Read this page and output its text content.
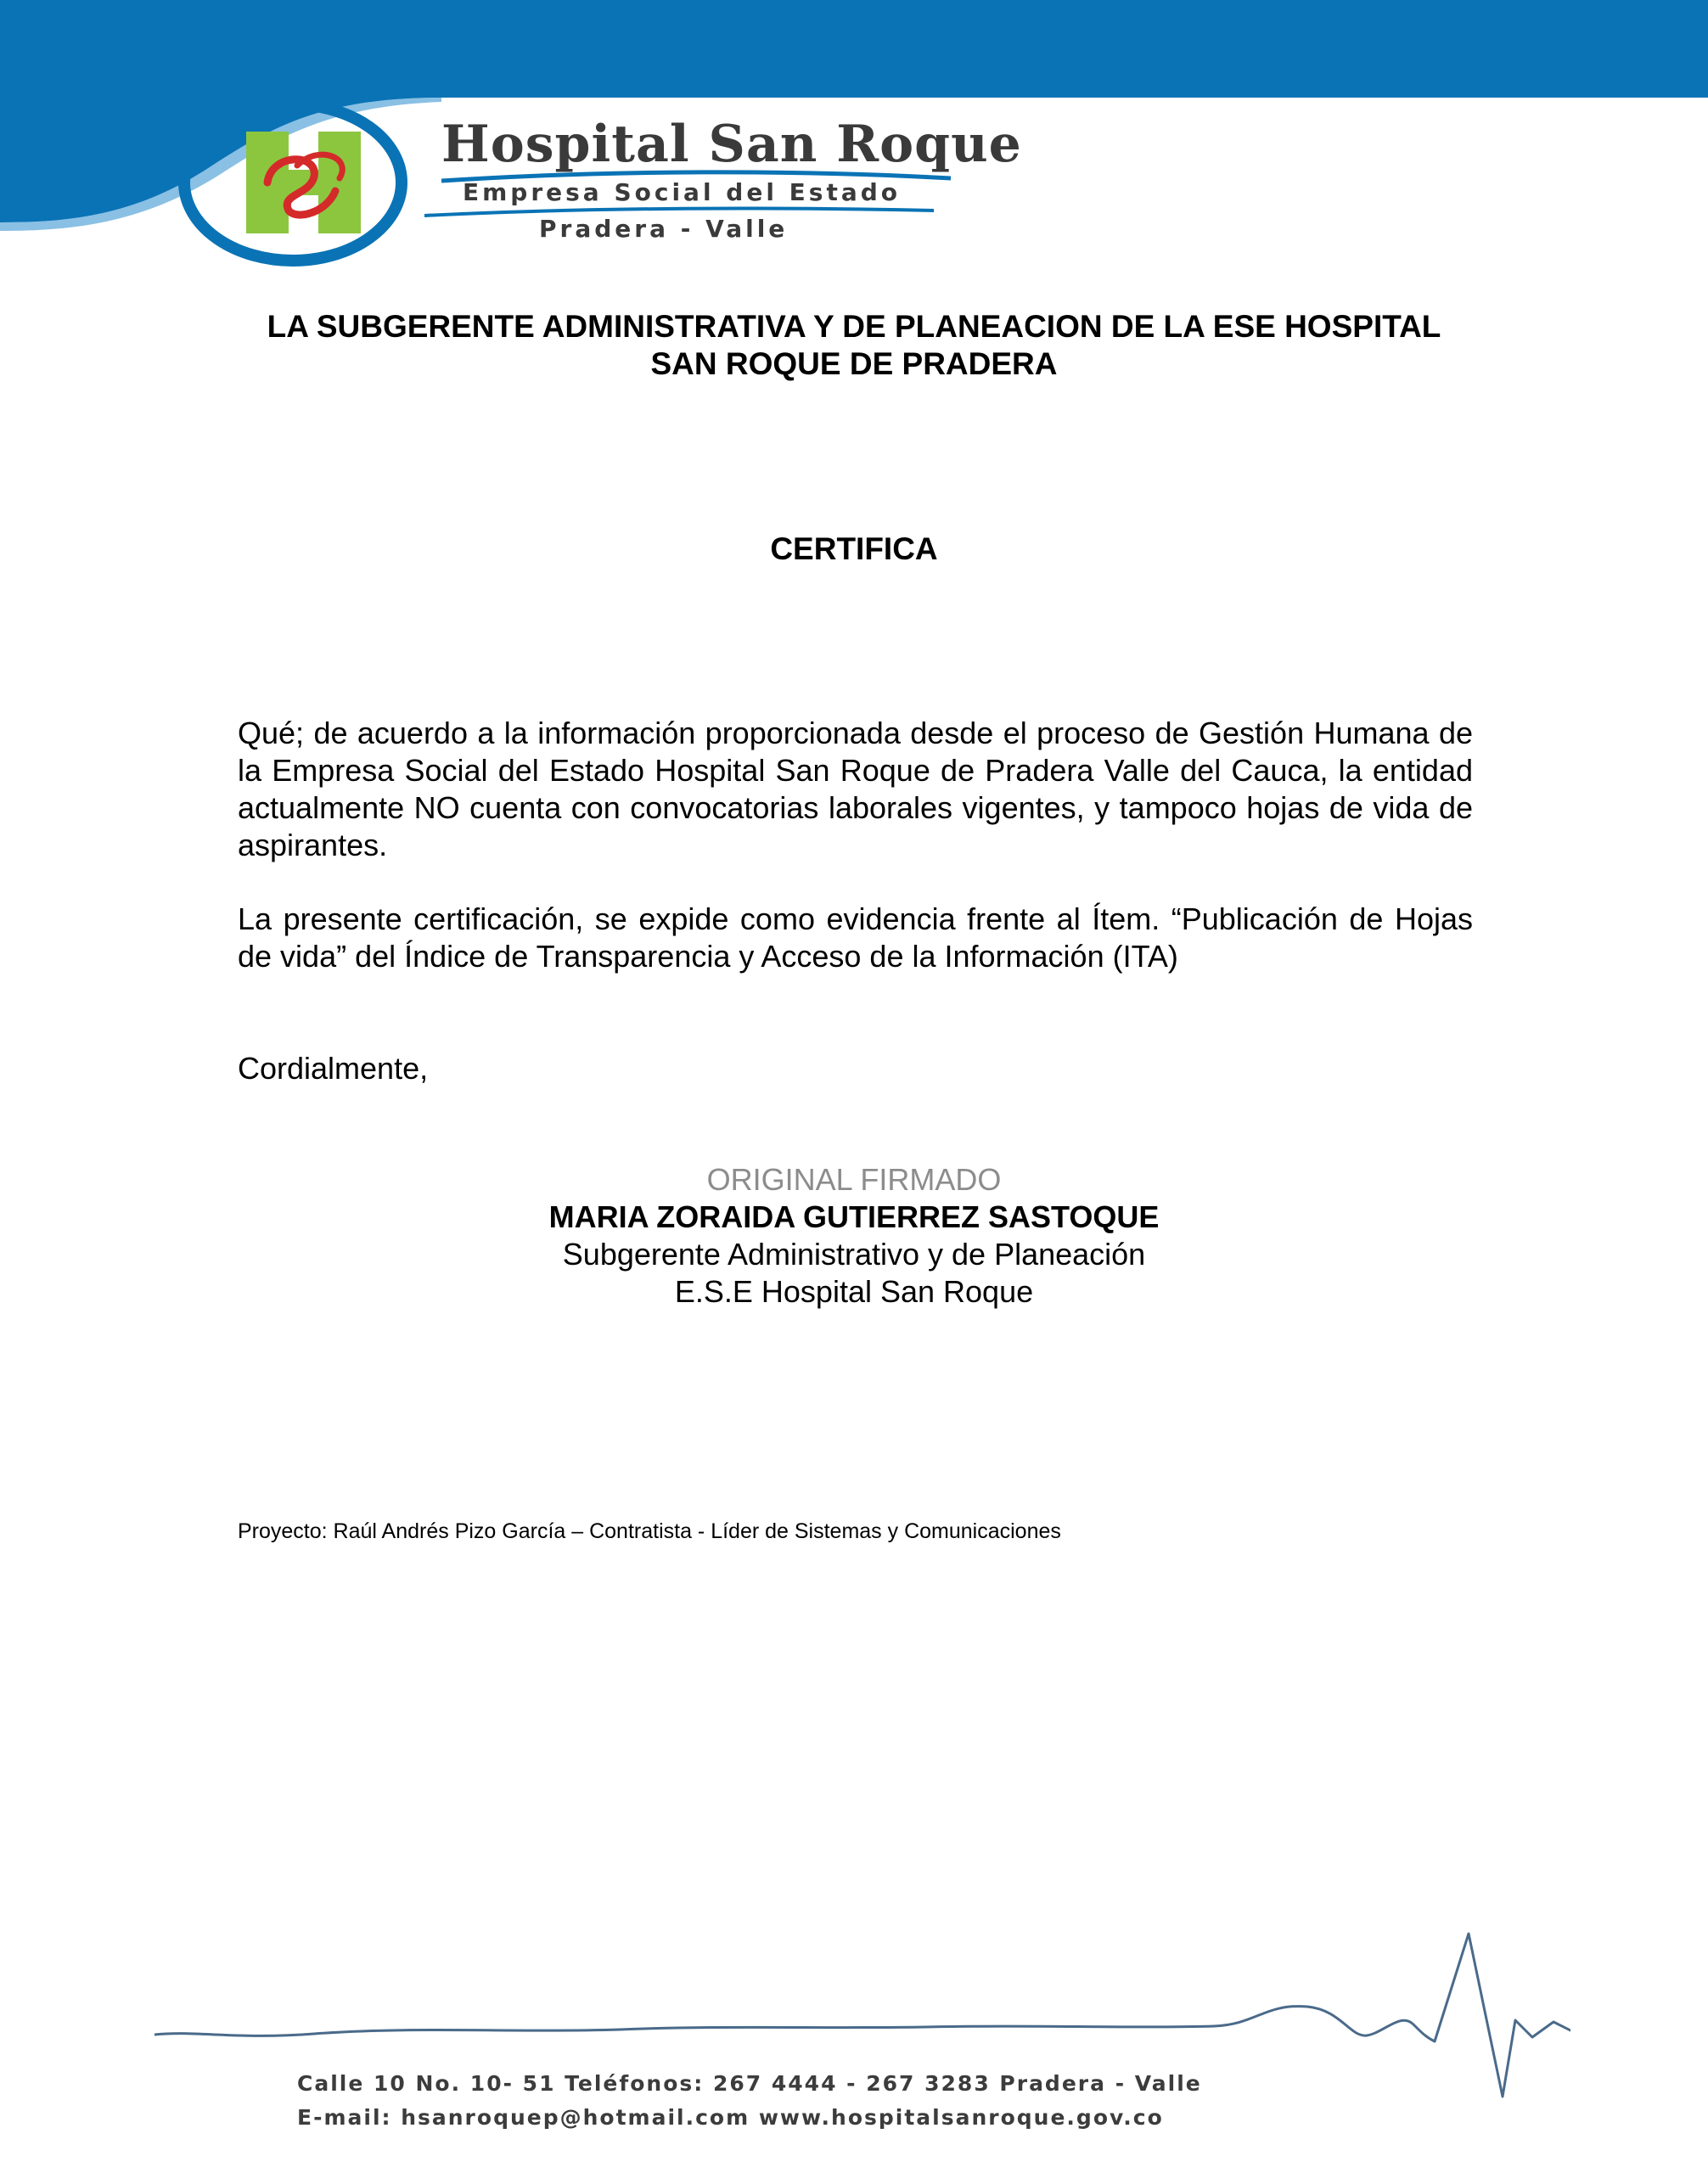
Hospital San Roque
Empresa Social del Estado
Pradera - Valle
LA SUBGERENTE ADMINISTRATIVA Y DE PLANEACION DE LA ESE HOSPITAL
SAN ROQUE DE PRADERA
CERTIFICA

Qué; de acuerdo a la información proporcionada desde el proceso de Gestión Humana de la Empresa Social del Estado Hospital San Roque de Pradera Valle del Cauca, la entidad actualmente NO cuenta con convocatorias laborales vigentes, y tampoco hojas de vida de aspirantes.

La presente certificación, se expide como evidencia frente al Ítem. “Publicación de Hojas de vida” del Índice de Transparencia y Acceso de la Información (ITA)

Cordialmente,

ORIGINAL FIRMADO
MARIA ZORAIDA GUTIERREZ SASTOQUE
Subgerente Administrativo y de Planeación
E.S.E Hospital San Roque
Proyecto: Raúl Andrés Pizo García – Contratista - Líder de Sistemas y Comunicaciones
Calle 10 No. 10- 51 Teléfonos: 267 4444 - 267 3283 Pradera - Valle
E-mail: hsanroquep@hotmail.com www.hospitalsanroque.gov.co
